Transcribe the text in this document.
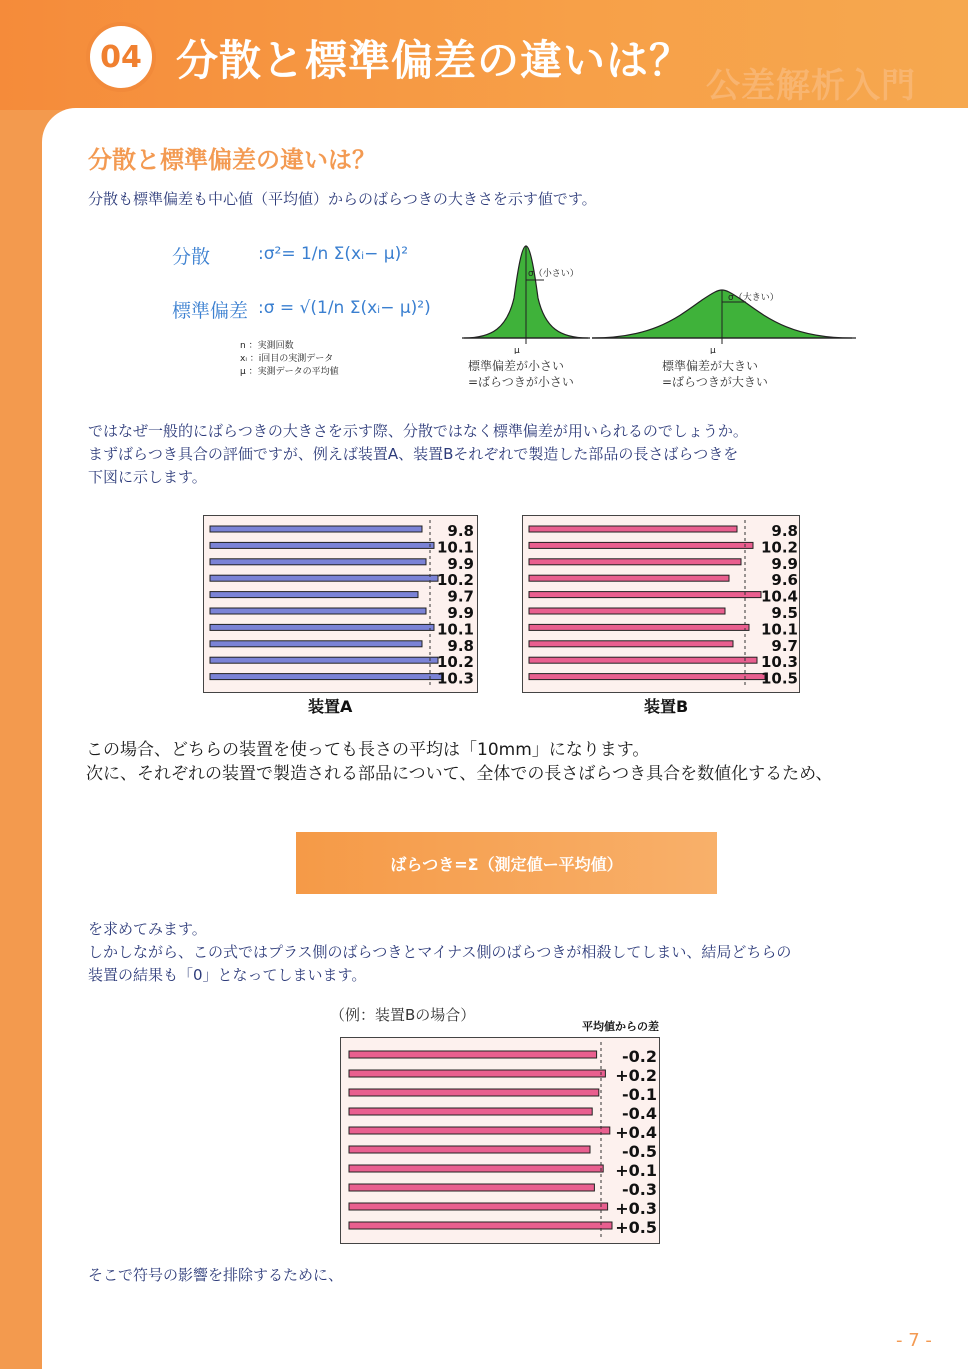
04 分散と標準偏差の違いは？
公差解析入門
分散と標準偏差の違いは？
分散も標準偏差も中心値（平均値）からのばらつきの大きさを示す値です。
分散	:σ²= 1/n Σ(xᵢ− μ)²
標準偏差 :σ = √(1/n Σ(xᵢ− μ)²)
n ：実測回数
xᵢ ：i回目の実測データ
μ ：実測データの平均値
σ（小さい）
σ（大きい）
μ	μ
標準偏差が小さい
=ばらつきが小さい
標準偏差が大きい
=ばらつきが大きい
ではなぜ一般的にばらつきの大きさを示す際、分散ではなく標準偏差が用いられるのでしょうか。
まずばらつき具合の評価ですが、例えば装置A、装置Bそれぞれで製造した部品の長さばらつきを
下図に示します。
9.8
10.1
9.9
10.2
9.7
9.9
10.1
9.8
10.2
10.3
装置A
9.8
10.2
9.9
9.6
10.4
9.5
10.1
9.7
10.3
10.5
装置B
この場合、どちらの装置を使っても長さの平均は「10mm」になります。
次に、それぞれの装置で製造される部品について、全体での長さばらつき具合を数値化するため、
ばらつき=Σ（測定値ー平均値）
を求めてみます。
しかしながら、この式ではプラス側のばらつきとマイナス側のばらつきが相殺してしまい、結局どちらの
装置の結果も「0」となってしまいます。
（例：装置Bの場合）
平均値からの差
-0.2
+0.2
-0.1
-0.4
+0.4
-0.5
+0.1
-0.3
+0.3
+0.5
そこで符号の影響を排除するために、
- 7 -
